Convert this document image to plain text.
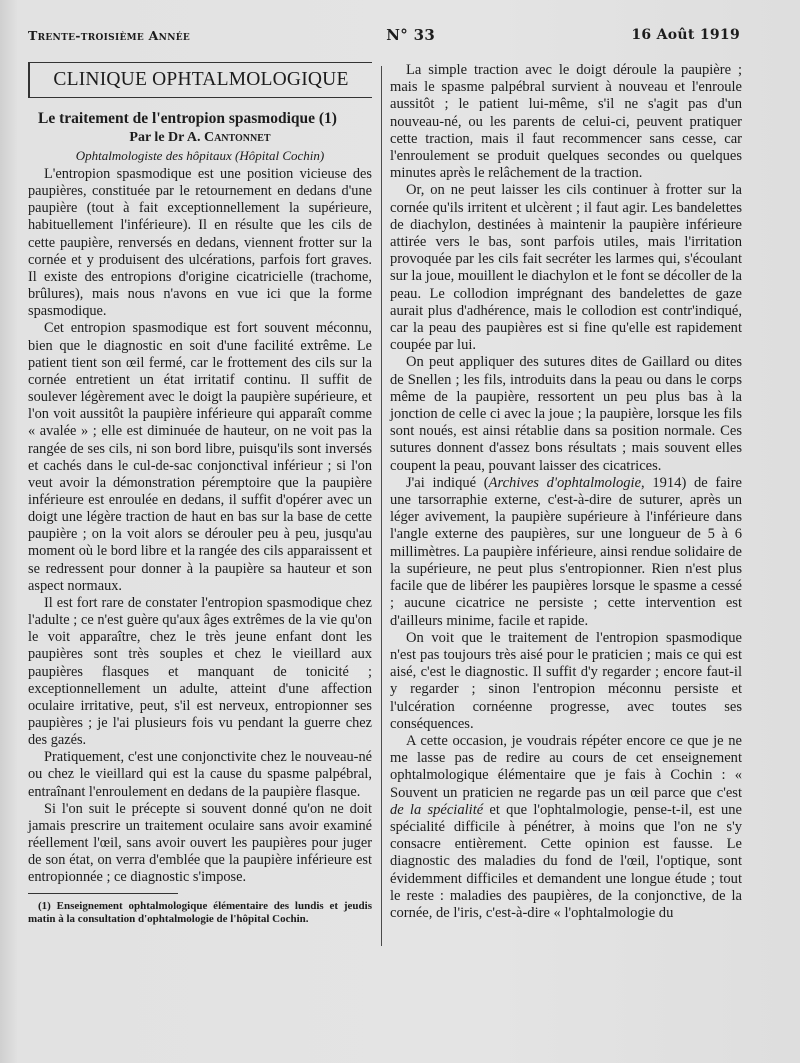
Trente-troisième Année	N° 33	16 Août 1919
CLINIQUE OPHTALMOLOGIQUE
Le traitement de l'entropion spasmodique (1)
Par le Dr A. Cantonnet
Ophtalmologiste des hôpitaux (Hôpital Cochin)

L'entropion spasmodique est une position vicieuse des paupières, constituée par le retournement en dedans d'une paupière (tout à fait exceptionnellement la supérieure, habituellement l'inférieure). Il en résulte que les cils de cette paupière, renversés en dedans, viennent frotter sur la cornée et y produisent des ulcérations, parfois fort graves. Il existe des entropions d'origine cicatricielle (trachome, brûlures), mais nous n'avons en vue ici que la forme spasmodique.

Cet entropion spasmodique est fort souvent méconnu, bien que le diagnostic en soit d'une facilité extrême. Le patient tient son œil fermé, car le frottement des cils sur la cornée entretient un état irritatif continu. Il suffit de soulever légèrement avec le doigt la paupière supérieure, et l'on voit aussitôt la paupière inférieure qui apparaît comme « avalée » ; elle est diminuée de hauteur, on ne voit pas la rangée de ses cils, ni son bord libre, puisqu'ils sont inversés et cachés dans le cul-de-sac conjonctival inférieur ; si l'on veut avoir la démonstration péremptoire que la paupière inférieure est enroulée en dedans, il suffit d'opérer avec un doigt une légère traction de haut en bas sur la base de cette paupière ; on la voit alors se dérouler peu à peu, jusqu'au moment où le bord libre et la rangée des cils apparaissent et se redressent pour donner à la paupière sa hauteur et son aspect normaux.

Il est fort rare de constater l'entropion spasmodique chez l'adulte ; ce n'est guère qu'aux âges extrêmes de la vie qu'on le voit apparaître, chez le très jeune enfant dont les paupières sont très souples et chez le vieillard aux paupières flasques et manquant de tonicité ; exceptionnellement un adulte, atteint d'une affection oculaire irritative, peut, s'il est nerveux, entropionner ses paupières ; je l'ai plusieurs fois vu pendant la guerre chez des gazés.

Pratiquement, c'est une conjonctivite chez le nouveau-né ou chez le vieillard qui est la cause du spasme palpébral, entraînant l'enroulement en dedans de la paupière flasque.

Si l'on suit le précepte si souvent donné qu'on ne doit jamais prescrire un traitement oculaire sans avoir examiné réellement l'œil, sans avoir ouvert les paupières pour juger de son état, on verra d'emblée que la paupière inférieure est entropionnée ; ce diagnostic s'impose.

(1) Enseignement ophtalmologique élémentaire des lundis et jeudis matin à la consultation d'ophtalmologie de l'hôpital Cochin.

La simple traction avec le doigt déroule la paupière ; mais le spasme palpébral survient à nouveau et l'enroule aussitôt ; le patient lui-même, s'il ne s'agit pas d'un nouveau-né, ou les parents de celui-ci, peuvent pratiquer cette traction, mais il faut recommencer sans cesse, car l'enroulement se produit quelques secondes ou quelques minutes après le relâchement de la traction.

Or, on ne peut laisser les cils continuer à frotter sur la cornée qu'ils irritent et ulcèrent ; il faut agir. Les bandelettes de diachylon, destinées à maintenir la paupière inférieure attirée vers le bas, sont parfois utiles, mais l'irritation provoquée par les cils fait secréter les larmes qui, s'écoulant sur la joue, mouillent le diachylon et le font se décoller de la peau. Le collodion imprégnant des bandelettes de gaze aurait plus d'adhérence, mais le collodion est contr'indiqué, car la peau des paupières est si fine qu'elle est rapidement coupée par lui.

On peut appliquer des sutures dites de Gaillard ou dites de Snellen ; les fils, introduits dans la peau ou dans le corps même de la paupière, ressortent un peu plus bas à la jonction de celle ci avec la joue ; la paupière, lorsque les fils sont noués, est ainsi rétablie dans sa position normale. Ces sutures donnent d'assez bons résultats ; mais souvent elles coupent la peau, pouvant laisser des cicatrices.

J'ai indiqué (Archives d'ophtalmologie, 1914) de faire une tarsorraphie externe, c'est-à-dire de suturer, après un léger avivement, la paupière supérieure à l'inférieure dans l'angle externe des paupières, sur une longueur de 5 à 6 millimètres. La paupière inférieure, ainsi rendue solidaire de la supérieure, ne peut plus s'entropionner. Rien n'est plus facile que de libérer les paupières lorsque le spasme a cessé ; aucune cicatrice ne persiste ; cette intervention est d'ailleurs minime, facile et rapide.

On voit que le traitement de l'entropion spasmodique n'est pas toujours très aisé pour le praticien ; mais ce qui est aisé, c'est le diagnostic. Il suffit d'y regarder ; encore faut-il y regarder ; sinon l'entropion méconnu persiste et l'ulcération cornéenne progresse, avec toutes ses conséquences.

A cette occasion, je voudrais répéter encore ce que je ne me lasse pas de redire au cours de cet enseignement ophtalmologique élémentaire que je fais à Cochin : « Souvent un praticien ne regarde pas un œil parce que c'est de la spécialité et que l'ophtalmologie, pense-t-il, est une spécialité difficile à pénétrer, à moins que l'on ne s'y consacre entièrement. Cette opinion est fausse. Le diagnostic des maladies du fond de l'œil, l'optique, sont évidemment difficiles et demandent une longue étude ; tout le reste : maladies des paupières, de la conjonctive, de la cornée, de l'iris, c'est-à-dire « l'ophtalmologie du
